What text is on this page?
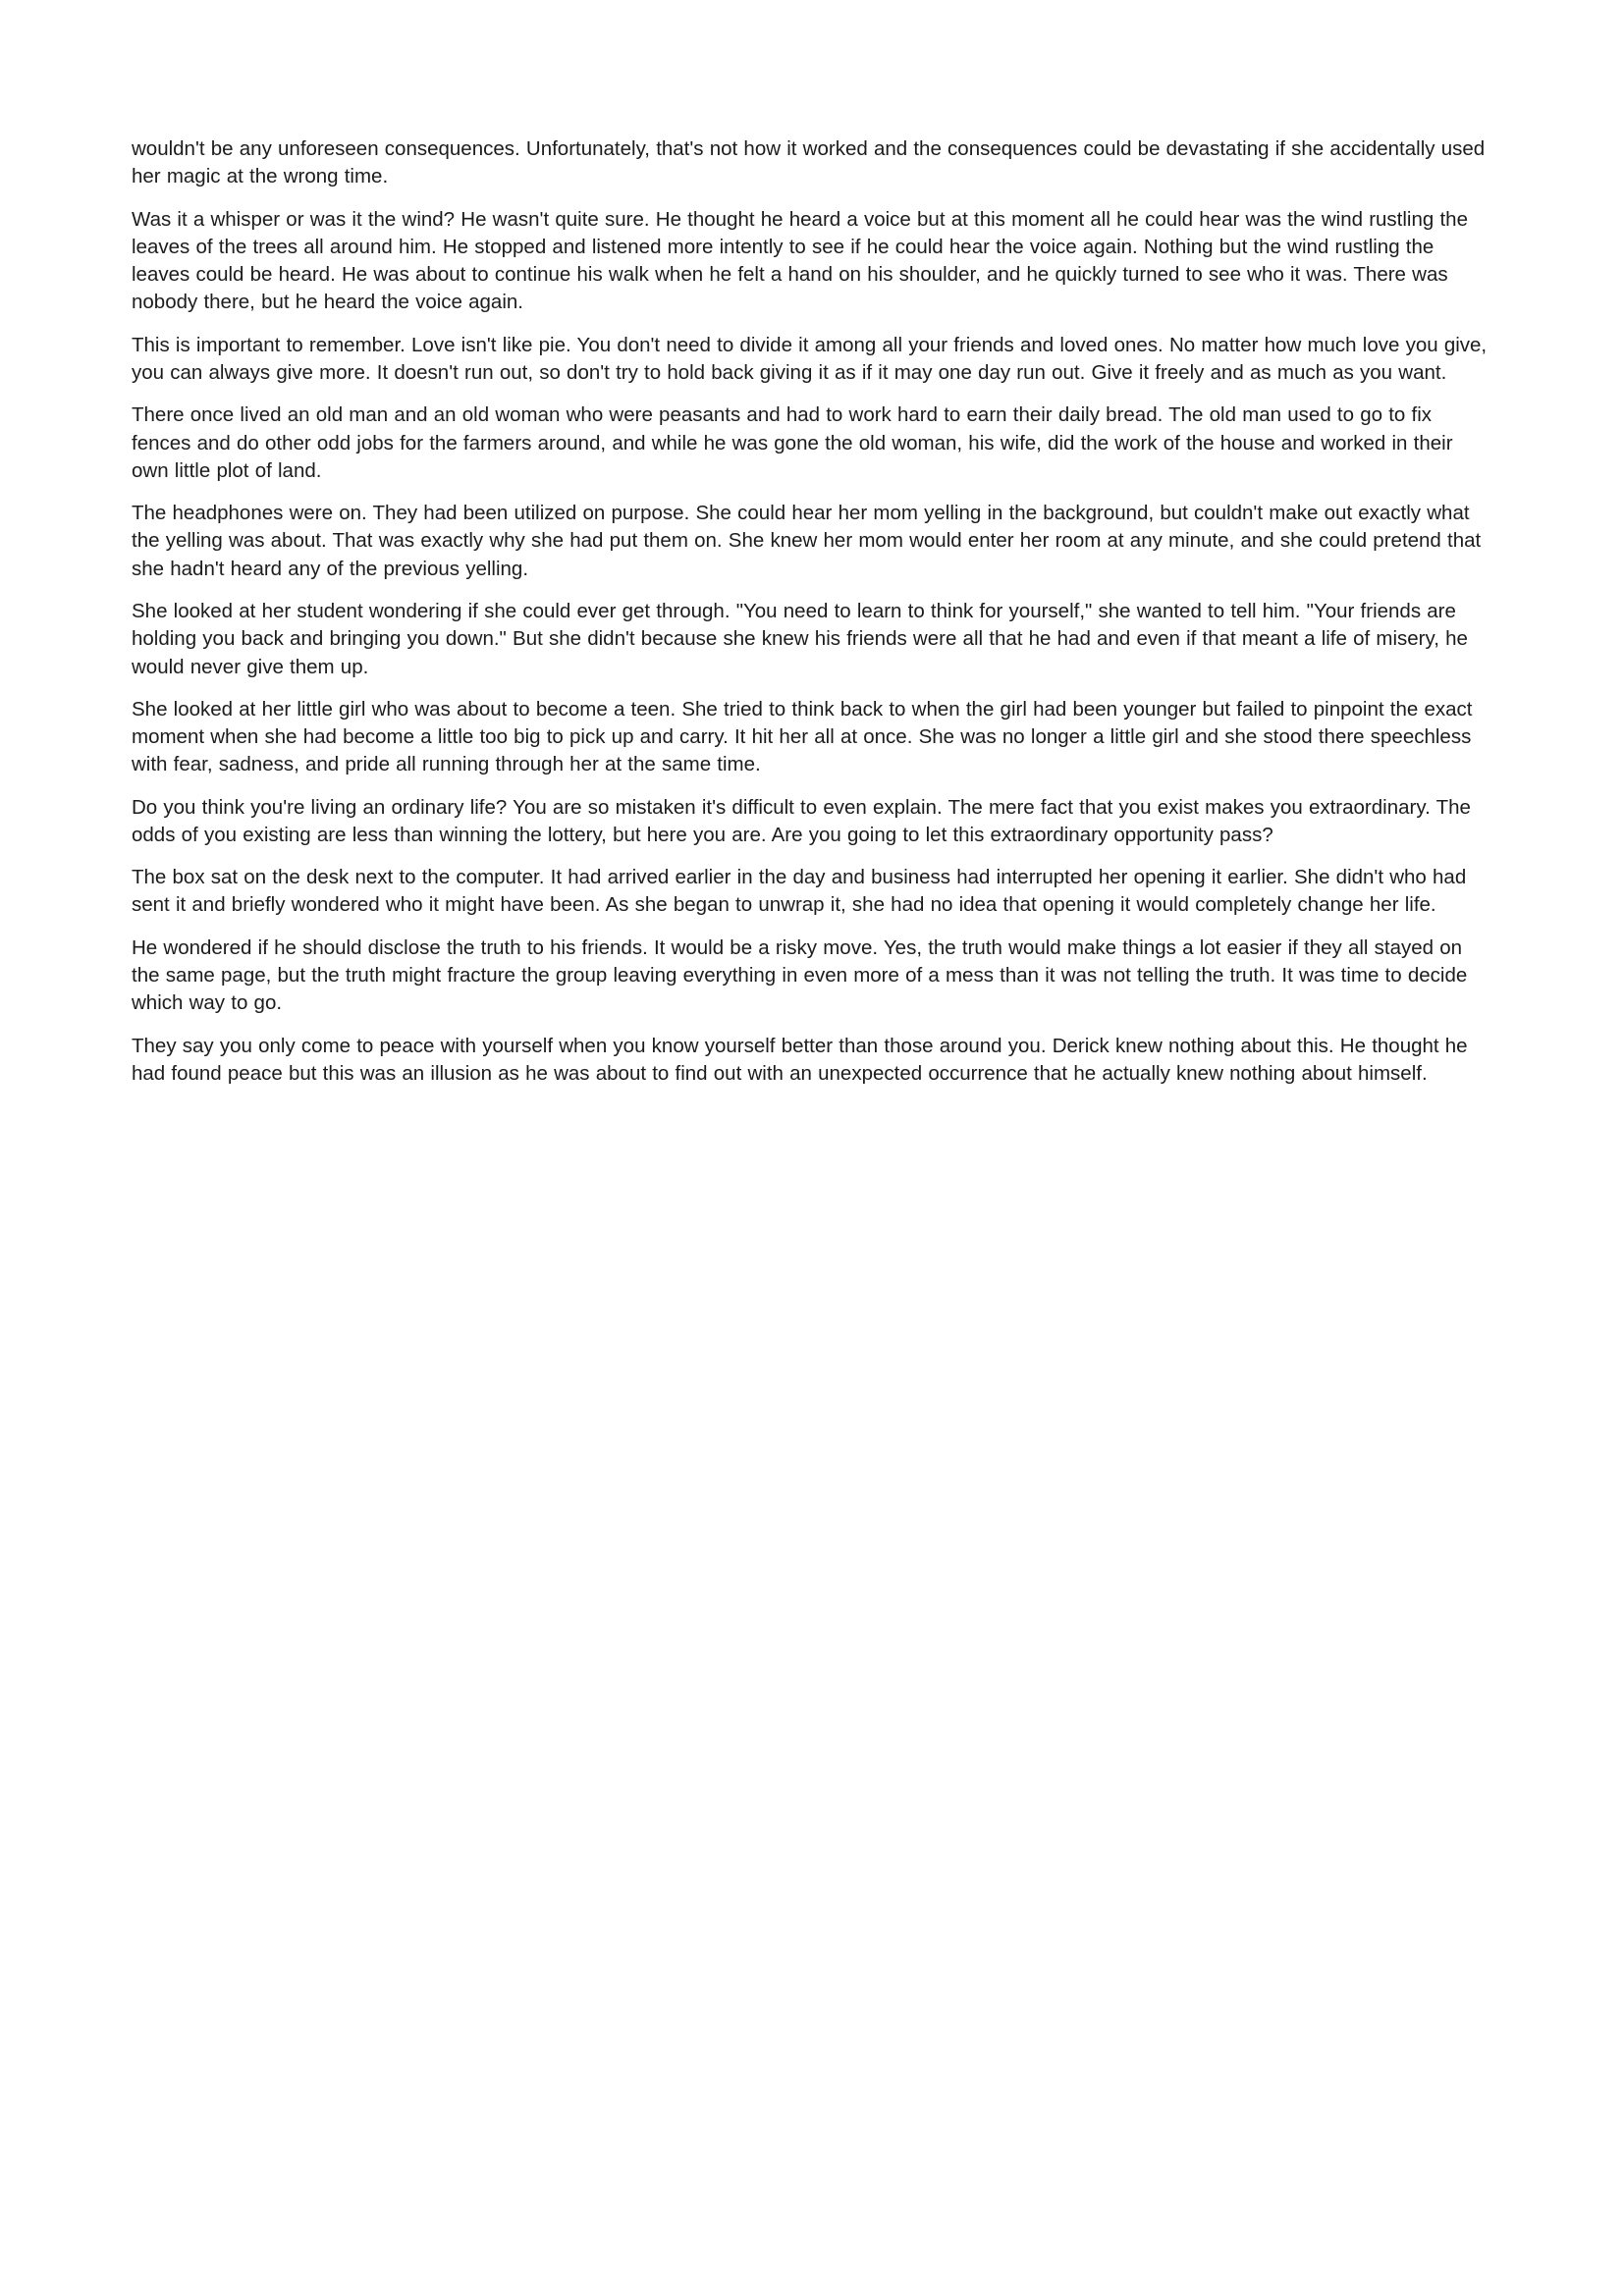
wouldn't be any unforeseen consequences. Unfortunately, that's not how it worked and the consequences could be devastating if she accidentally used her magic at the wrong time.

Was it a whisper or was it the wind? He wasn't quite sure. He thought he heard a voice but at this moment all he could hear was the wind rustling the leaves of the trees all around him. He stopped and listened more intently to see if he could hear the voice again. Nothing but the wind rustling the leaves could be heard. He was about to continue his walk when he felt a hand on his shoulder, and he quickly turned to see who it was. There was nobody there, but he heard the voice again.

This is important to remember. Love isn't like pie. You don't need to divide it among all your friends and loved ones. No matter how much love you give, you can always give more. It doesn't run out, so don't try to hold back giving it as if it may one day run out. Give it freely and as much as you want.

There once lived an old man and an old woman who were peasants and had to work hard to earn their daily bread. The old man used to go to fix fences and do other odd jobs for the farmers around, and while he was gone the old woman, his wife, did the work of the house and worked in their own little plot of land.

The headphones were on. They had been utilized on purpose. She could hear her mom yelling in the background, but couldn't make out exactly what the yelling was about. That was exactly why she had put them on. She knew her mom would enter her room at any minute, and she could pretend that she hadn't heard any of the previous yelling.

She looked at her student wondering if she could ever get through. "You need to learn to think for yourself," she wanted to tell him. "Your friends are holding you back and bringing you down." But she didn't because she knew his friends were all that he had and even if that meant a life of misery, he would never give them up.

She looked at her little girl who was about to become a teen. She tried to think back to when the girl had been younger but failed to pinpoint the exact moment when she had become a little too big to pick up and carry. It hit her all at once. She was no longer a little girl and she stood there speechless with fear, sadness, and pride all running through her at the same time.

Do you think you're living an ordinary life? You are so mistaken it's difficult to even explain. The mere fact that you exist makes you extraordinary. The odds of you existing are less than winning the lottery, but here you are. Are you going to let this extraordinary opportunity pass?

The box sat on the desk next to the computer. It had arrived earlier in the day and business had interrupted her opening it earlier. She didn't who had sent it and briefly wondered who it might have been. As she began to unwrap it, she had no idea that opening it would completely change her life.

He wondered if he should disclose the truth to his friends. It would be a risky move. Yes, the truth would make things a lot easier if they all stayed on the same page, but the truth might fracture the group leaving everything in even more of a mess than it was not telling the truth. It was time to decide which way to go.

They say you only come to peace with yourself when you know yourself better than those around you. Derick knew nothing about this. He thought he had found peace but this was an illusion as he was about to find out with an unexpected occurrence that he actually knew nothing about himself.
